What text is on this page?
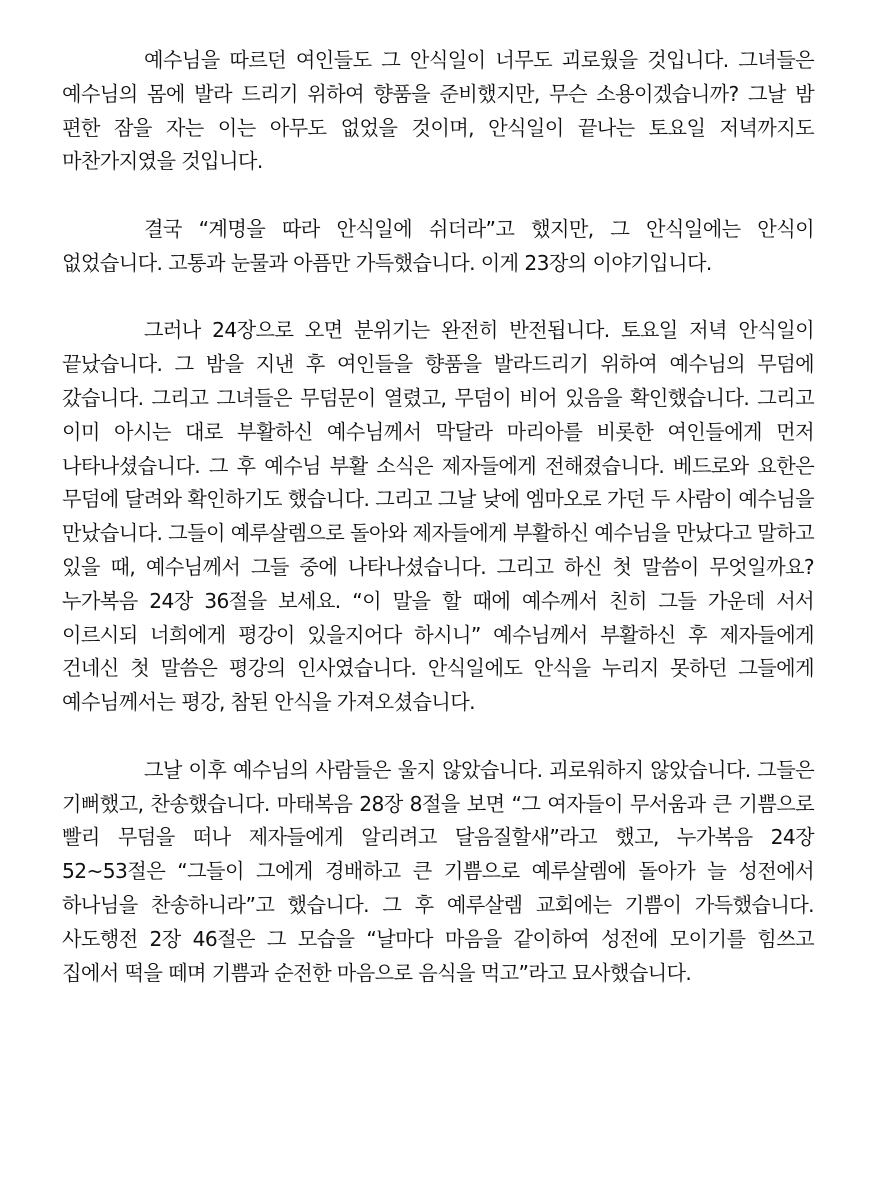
예수님을 따르던 여인들도 그 안식일이 너무도 괴로웠을 것입니다. 그녀들은 예수님의 몸에 발라 드리기 위하여 향품을 준비했지만, 무슨 소용이겠습니까? 그날 밤 편한 잠을 자는 이는 아무도 없었을 것이며, 안식일이 끝나는 토요일 저녁까지도 마찬가지였을 것입니다.

결국 “계명을 따라 안식일에 쉬더라”고 했지만, 그 안식일에는 안식이 없었습니다. 고통과 눈물과 아픔만 가득했습니다. 이게 23장의 이야기입니다.

그러나 24장으로 오면 분위기는 완전히 반전됩니다. 토요일 저녁 안식일이 끝났습니다. 그 밤을 지낸 후 여인들을 향품을 발라드리기 위하여 예수님의 무덤에 갔습니다. 그리고 그녀들은 무덤문이 열렸고, 무덤이 비어 있음을 확인했습니다. 그리고 이미 아시는 대로 부활하신 예수님께서 막달라 마리아를 비롯한 여인들에게 먼저 나타나셨습니다. 그 후 예수님 부활 소식은 제자들에게 전해졌습니다. 베드로와 요한은 무덤에 달려와 확인하기도 했습니다. 그리고 그날 낮에 엠마오로 가던 두 사람이 예수님을 만났습니다. 그들이 예루살렘으로 돌아와 제자들에게 부활하신 예수님을 만났다고 말하고 있을 때, 예수님께서 그들 중에 나타나셨습니다. 그리고 하신 첫 말씀이 무엇일까요? 누가복음 24장 36절을 보세요. “이 말을 할 때에 예수께서 친히 그들 가운데 서서 이르시되 너희에게 평강이 있을지어다 하시니” 예수님께서 부활하신 후 제자들에게 건네신 첫 말씀은 평강의 인사였습니다. 안식일에도 안식을 누리지 못하던 그들에게 예수님께서는 평강, 참된 안식을 가져오셨습니다.

그날 이후 예수님의 사람들은 울지 않았습니다. 괴로워하지 않았습니다. 그들은 기뻐했고, 찬송했습니다. 마태복음 28장 8절을 보면 “그 여자들이 무서움과 큰 기쁨으로 빨리 무덤을 떠나 제자들에게 알리려고 달음질할새”라고 했고, 누가복음 24장 52~53절은 “그들이 그에게 경배하고 큰 기쁨으로 예루살렘에 돌아가 늘 성전에서 하나님을 찬송하니라”고 했습니다. 그 후 예루살렘 교회에는 기쁨이 가득했습니다. 사도행전 2장 46절은 그 모습을 “날마다 마음을 같이하여 성전에 모이기를 힘쓰고 집에서 떡을 떼며 기쁨과 순전한 마음으로 음식을 먹고”라고 묘사했습니다.
